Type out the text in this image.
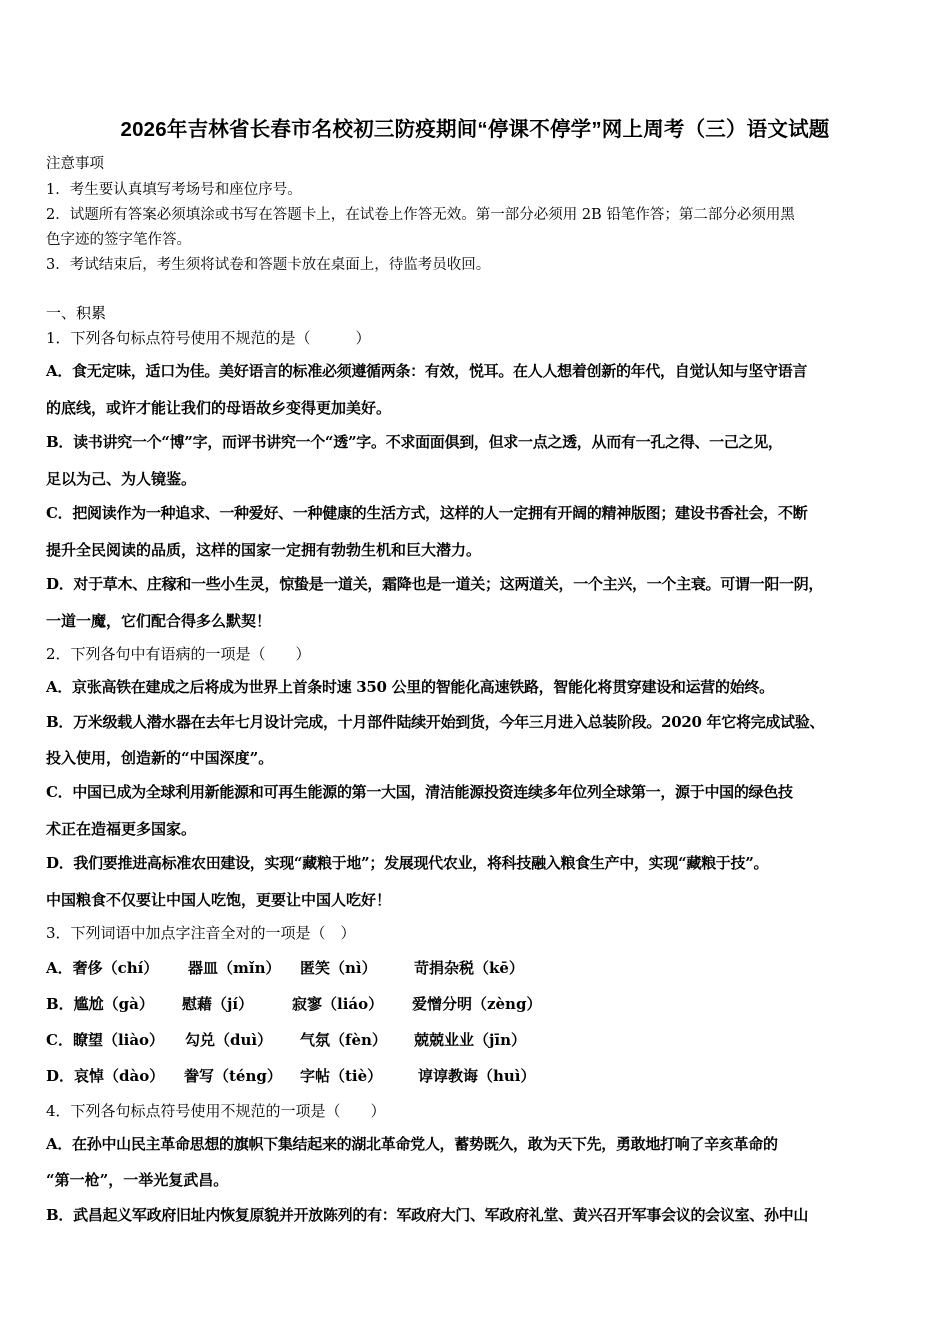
2026年吉林省长春市名校初三防疫期间“停课不停学”网上周考（三）语文试题
注意事项
1．考生要认真填写考场号和座位序号。
2．试题所有答案必须填涂或书写在答题卡上，在试卷上作答无效。第一部分必须用 2B 铅笔作答；第二部分必须用黑
色字迹的签字笔作答。
3．考试结束后，考生须将试卷和答题卡放在桌面上，待监考员收回。
一、积累
1．下列各句标点符号使用不规范的是（　　　）
A．食无定味，适口为佳。美好语言的标准必须遵循两条：有效，悦耳。在人人想着创新的年代，自觉认知与坚守语言
的底线，或许才能让我们的母语故乡变得更加美好。
B．读书讲究一个“博”字，而评书讲究一个“透”字。不求面面俱到，但求一点之透，从而有一孔之得、一己之见，
足以为己、为人镜鉴。
C．把阅读作为一种追求、一种爱好、一种健康的生活方式，这样的人一定拥有开阔的精神版图；建设书香社会，不断
提升全民阅读的品质，这样的国家一定拥有勃勃生机和巨大潜力。
D．对于草木、庄稼和一些小生灵，惊蛰是一道关，霜降也是一道关；这两道关，一个主兴，一个主衰。可谓一阳一阴，
一道一魔，它们配合得多么默契！
2．下列各句中有语病的一项是（　　）
A．京张高铁在建成之后将成为世界上首条时速 350 公里的智能化高速铁路，智能化将贯穿建设和运营的始终。
B．万米级载人潜水器在去年七月设计完成，十月部件陆续开始到货，今年三月进入总装阶段。2020 年它将完成试验、
投入使用，创造新的“中国深度”。
C．中国已成为全球利用新能源和可再生能源的第一大国，清洁能源投资连续多年位列全球第一，源于中国的绿色技
术正在造福更多国家。
D．我们要推进高标准农田建设，实现“藏粮于地”；发展现代农业，将科技融入粮食生产中，实现“藏粮于技”。
中国粮食不仅要让中国人吃饱，更要让中国人吃好！
3．下列词语中加点字注音全对的一项是（　）
A．奢侈（chí） 器皿（mǐn） 匿笑（nì） 苛捐杂税（kē）
B．尴尬（gà） 慰藉（jí）	寂寥（liáo） 爱憎分明（zèng）
C．瞭望（liào） 勾兑（duì） 气氛（fèn） 兢兢业业（jīn）
D．哀悼（dào） 誊写（téng） 字帖（tiè） 谆谆教诲（huì）
4．下列各句标点符号使用不规范的一项是（　　）
A．在孙中山民主革命思想的旗帜下集结起来的湖北革命党人，蓄势既久，敢为天下先，勇敢地打响了辛亥革命的
“第一枪”，一举光复武昌。
B．武昌起义军政府旧址内恢复原貌并开放陈列的有：军政府大门、军政府礼堂、黄兴召开军事会议的会议室、孙中山
